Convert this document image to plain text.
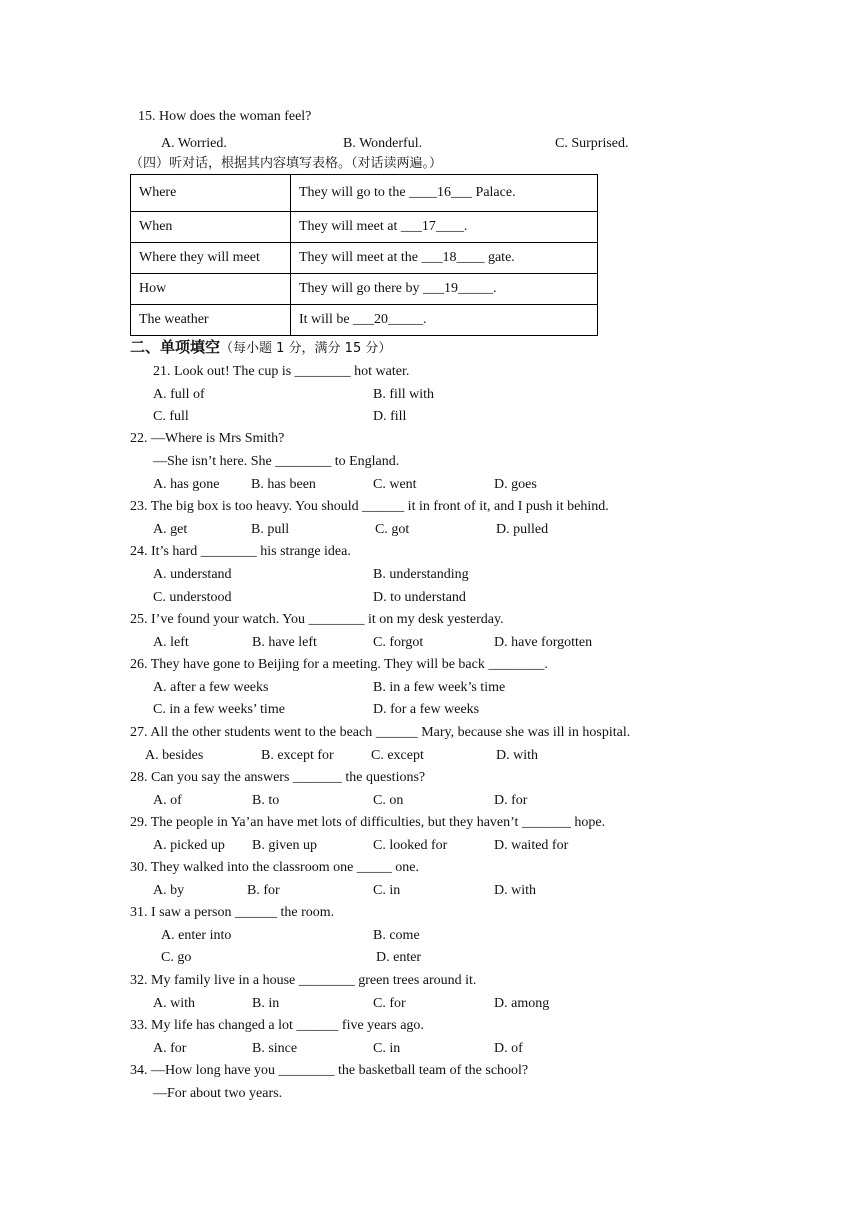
15. How does the woman feel?
A. Worried.	B. Wonderful.	C. Surprised.
（四）听对话，根据其内容填写表格。（对话读两遍。）
Where	They will go to the ____16___ Palace.
When	They will meet at ___17____.
Where they will meet	They will meet at the ___18____ gate.
How	They will go there by ___19_____.
The weather	It will be ___20_____.
二、单项填空（每小题 1 分，满分 15 分）
21. Look out! The cup is ________ hot water.
A. full of	B. fill with
C. full	D. fill
22. —Where is Mrs Smith?
—She isn’t here. She ________ to England.
A. has gone B. has been	C. went	D. goes
23. The big box is too heavy. You should ______ it in front of it, and I push it behind.
A. get	B. pull	C. got	D. pulled
24. It’s hard ________ his strange idea.
A. understand	B. understanding
C. understood	D. to understand
25. I’ve found your watch. You ________ it on my desk yesterday.
A. left	B. have left	C. forgot	D. have forgotten
26. They have gone to Beijing for a meeting. They will be back ________.
A. after a few weeks	B. in a few week’s time
C. in a few weeks’ time	D. for a few weeks
27. All the other students went to the beach ______ Mary, because she was ill in hospital.
A. besides	B. except for	C. except	D. with
28. Can you say the answers _______ the questions?
A. of	B. to	C. on	D. for
29. The people in Ya’an have met lots of difficulties, but they haven’t _______ hope.
A. picked up B. given up	C. looked for	D. waited for
30. They walked into the classroom one _____ one.
A. by	B. for	C. in	D. with
31. I saw a person ______ the room.
A. enter into	B. come
C. go	D. enter
32. My family live in a house ________ green trees around it.
A. with	B. in	C. for	D. among
33. My life has changed a lot ______ five years ago.
A. for	B. since	C. in	D. of
34. —How long have you ________ the basketball team of the school?
—For about two years.
